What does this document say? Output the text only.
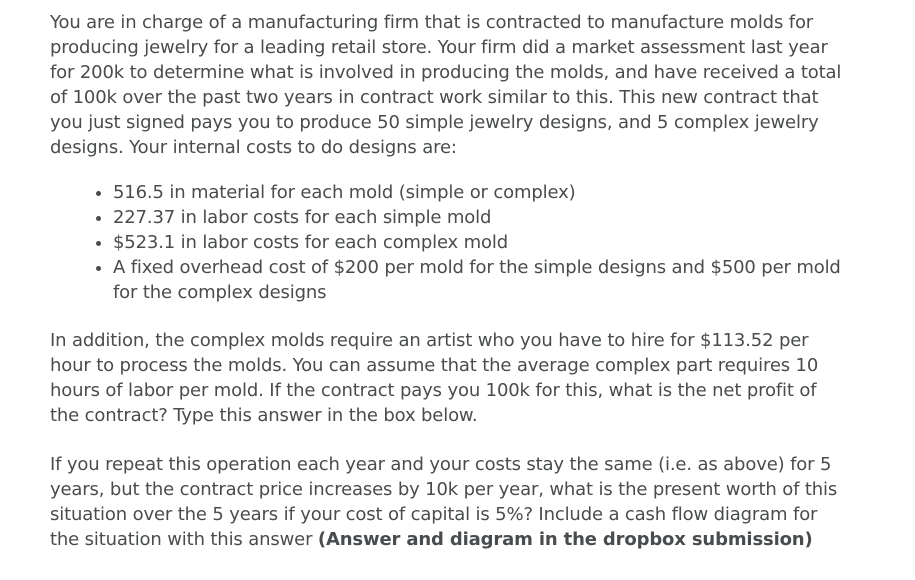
You are in charge of a manufacturing firm that is contracted to manufacture molds for producing jewelry for a leading retail store. Your firm did a market assessment last year for 200k to determine what is involved in producing the molds, and have received a total of 100k over the past two years in contract work similar to this. This new contract that you just signed pays you to produce 50 simple jewelry designs, and 5 complex jewelry designs. Your internal costs to do designs are:

• 516.5 in material for each mold (simple or complex)
• 227.37 in labor costs for each simple mold
• $523.1 in labor costs for each complex mold
• A fixed overhead cost of $200 per mold for the simple designs and $500 per mold for the complex designs

In addition, the complex molds require an artist who you have to hire for $113.52 per hour to process the molds. You can assume that the average complex part requires 10 hours of labor per mold. If the contract pays you 100k for this, what is the net profit of the contract? Type this answer in the box below.

If you repeat this operation each year and your costs stay the same (i.e. as above) for 5 years, but the contract price increases by 10k per year, what is the present worth of this situation over the 5 years if your cost of capital is 5%? Include a cash flow diagram for the situation with this answer (Answer and diagram in the dropbox submission)
